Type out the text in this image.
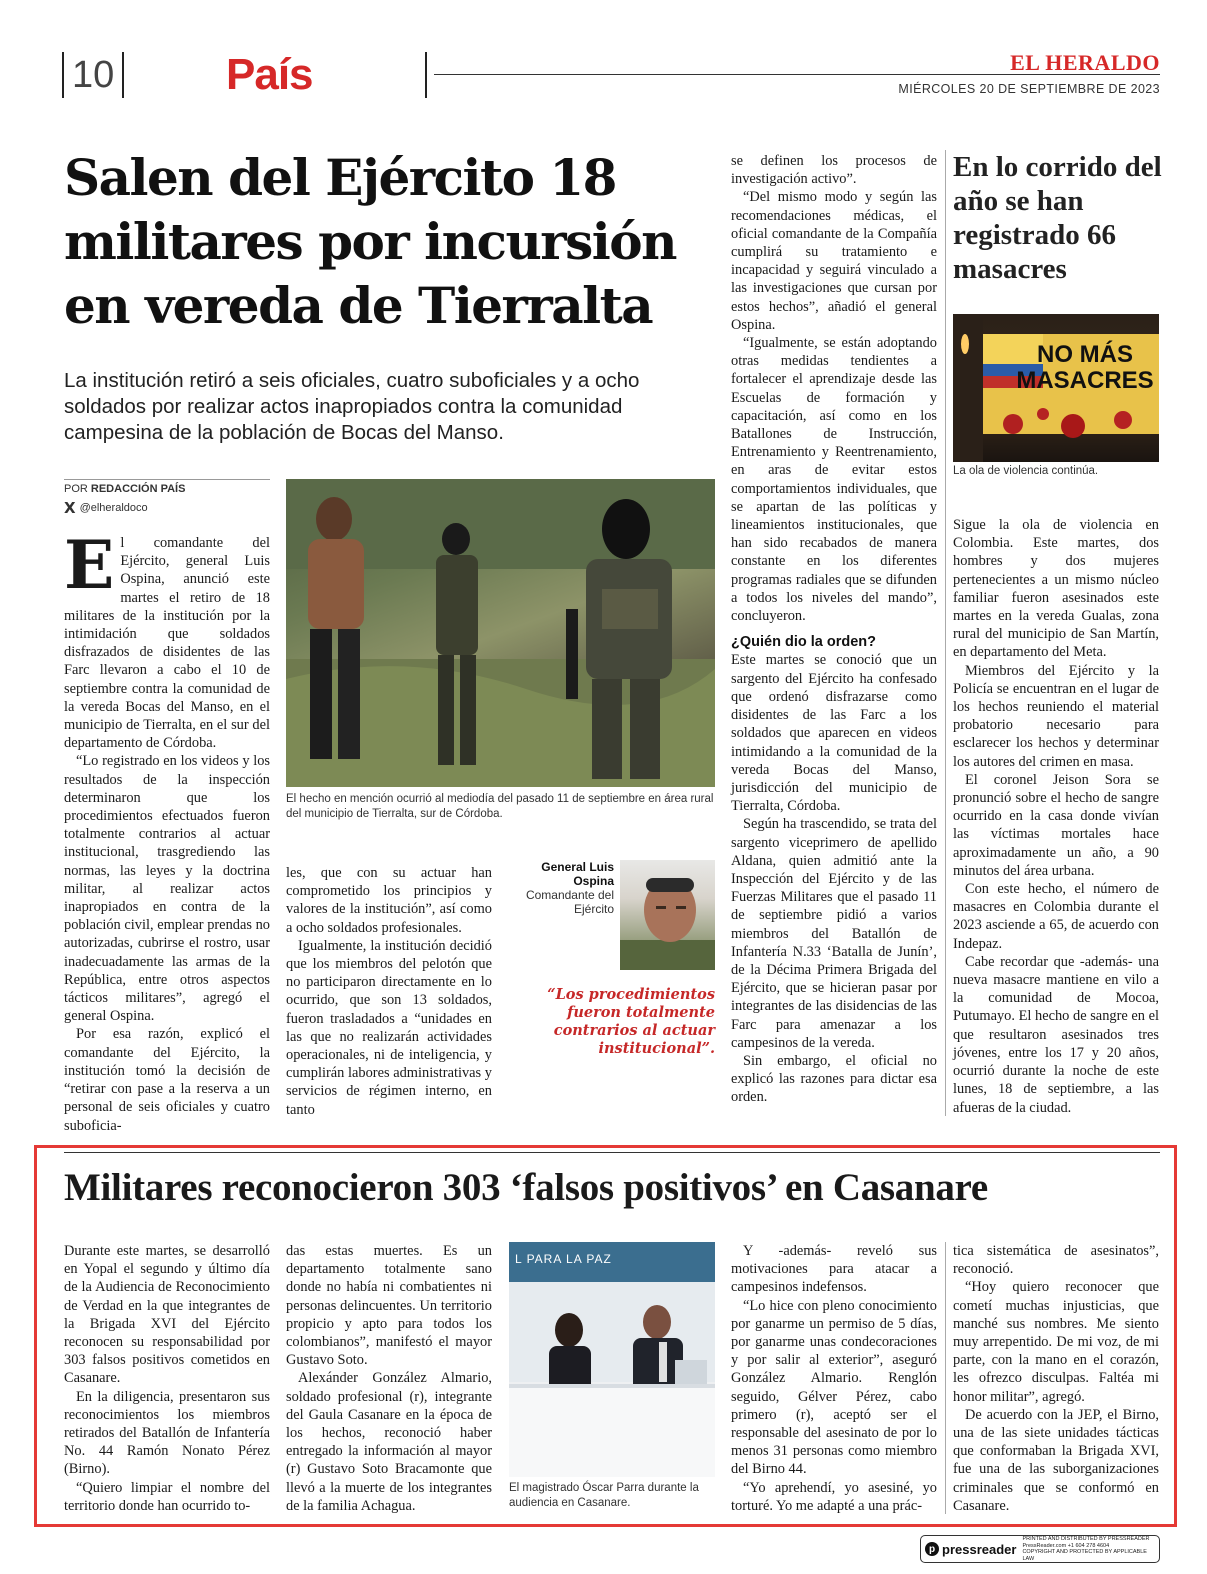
10	País	EL HERALDO
MIÉRCOLES 20 DE SEPTIEMBRE DE 2023
Salen del Ejército 18 militares por incursión en vereda de Tierralta

La institución retiró a seis oficiales, cuatro suboficiales y a ocho soldados por realizar actos inapropiados contra la comunidad campesina de la población de Bocas del Manso.

POR REDACCIÓN PAÍS
X @elheraldoco
E l comandante del Ejército, general Luis Ospina, anunció este martes el retiro de 18 militares de la institución por la intimidación que soldados disfrazados de disidentes de las Farc llevaron a cabo el 10 de septiembre contra la comunidad de la vereda Bocas del Manso, en el municipio de Tierralta, en el sur del departamento de Córdoba.

“Lo registrado en los videos y los resultados de la inspección determinaron que los procedimientos efectuados fueron totalmente contrarios al actuar institucional, trasgrediendo las normas, las leyes y la doctrina militar, al realizar actos inapropiados en contra de la población civil, emplear prendas no autorizadas, cubrirse el rostro, usar inadecuadamente las armas de la República, entre otros aspectos tácticos militares”, agregó el general Ospina.

Por esa razón, explicó el comandante del Ejército, la institución tomó la decisión de “retirar con pase a la reserva a un personal de seis oficiales y cuatro suboficia-

El hecho en mención ocurrió al mediodía del pasado 11 de septiembre en área rural del municipio de Tierralta, sur de Córdoba.

les, que con su actuar han comprometido los principios y valores de la institución”, así como a ocho soldados profesionales.

Igualmente, la institución decidió que los miembros del pelotón que no participaron directamente en lo ocurrido, que son 13 soldados, fueron trasladados a “unidades en las que no realizarán actividades operacionales, ni de inteligencia, y cumplirán labores administrativas y servicios de régimen interno, en tanto

General Luis Ospina
Comandante del Ejército
“Los procedimientos fueron totalmente contrarios al actuar institucional”.

se definen los procesos de investigación activo”.

“Del mismo modo y según las recomendaciones médicas, el oficial comandante de la Compañía cumplirá su tratamiento e incapacidad y seguirá vinculado a las investigaciones que cursan por estos hechos”, añadió el general Ospina.

“Igualmente, se están adoptando otras medidas tendientes a fortalecer el aprendizaje desde las Escuelas de formación y capacitación, así como en los Batallones de Instrucción, Entrenamiento y Reentrenamiento, en aras de evitar estos comportamientos individuales, que se apartan de las políticas y lineamientos institucionales, que han sido recabados de manera constante en los diferentes programas radiales que se difunden a todos los niveles del mando”, concluyeron.

¿Quién dio la orden?

Este martes se conoció que un sargento del Ejército ha confesado que ordenó disfrazarse como disidentes de las Farc a los soldados que aparecen en videos intimidando a la comunidad de la vereda Bocas del Manso, jurisdicción del municipio de Tierralta, Córdoba.

Según ha trascendido, se trata del sargento viceprimero de apellido Aldana, quien admitió ante la Inspección del Ejército y de las Fuerzas Militares que el pasado 11 de septiembre pidió a varios miembros del Batallón de Infantería N.33 ‘Batalla de Junín’, de la Décima Primera Brigada del Ejército, que se hicieran pasar por integrantes de las disidencias de las Farc para amenazar a los campesinos de la vereda.

Sin embargo, el oficial no explicó las razones para dictar esa orden.

En lo corrido del año se han registrado 66 masacres
NO MÁS
MASACRES
La ola de violencia continúa.

Sigue la ola de violencia en Colombia. Este martes, dos hombres y dos mujeres pertenecientes a un mismo núcleo familiar fueron asesinados este martes en la vereda Gualas, zona rural del municipio de San Martín, en departamento del Meta.

Miembros del Ejército y la Policía se encuentran en el lugar de los hechos reuniendo el material probatorio necesario para esclarecer los hechos y determinar los autores del crimen en masa.

El coronel Jeison Sora se pronunció sobre el hecho de sangre ocurrido en la casa donde vivían las víctimas mortales hace aproximadamente un año, a 90 minutos del área urbana.

Con este hecho, el número de masacres en Colombia durante el 2023 asciende a 65, de acuerdo con Indepaz.

Cabe recordar que -además- una nueva masacre mantiene en vilo a la comunidad de Mocoa, Putumayo. El hecho de sangre en el que resultaron asesinados tres jóvenes, entre los 17 y 20 años, ocurrió durante la noche de este lunes, 18 de septiembre, a las afueras de la ciudad.

Militares reconocieron 303 ‘falsos positivos’ en Casanare

Durante este martes, se desarrolló en Yopal el segundo y último día de la Audiencia de Reconocimiento de Verdad en la que integrantes de la Brigada XVI del Ejército reconocen su responsabilidad por 303 falsos positivos cometidos en Casanare.

En la diligencia, presentaron sus reconocimientos los miembros retirados del Batallón de Infantería No. 44 Ramón Nonato Pérez (Birno).

“Quiero limpiar el nombre del territorio donde han ocurrido to-

das estas muertes. Es un departamento totalmente sano donde no había ni combatientes ni personas delincuentes. Un territorio propicio y apto para todos los colombianos”, manifestó el mayor Gustavo Soto.

Alexánder González Almario, soldado profesional (r), integrante del Gaula Casanare en la época de los hechos, reconoció haber entregado la información al mayor (r) Gustavo Soto Bracamonte que llevó a la muerte de los integrantes de la familia Achagua.

L PARA LA PAZ
El magistrado Óscar Parra durante la audiencia en Casanare.

Y -además- reveló sus motivaciones para atacar a campesinos indefensos.

“Lo hice con pleno conocimiento por ganarme un permiso de 5 días, por ganarme unas condecoraciones y por salir al exterior”, aseguró González Almario. Renglón seguido, Gélver Pérez, cabo primero (r), aceptó ser el responsable del asesinato de por lo menos 31 personas como miembro del Birno 44.

“Yo aprehendí, yo asesiné, yo torturé. Yo me adapté a una prác-

tica sistemática de asesinatos”, reconoció.

“Hoy quiero reconocer que cometí muchas injusticias, que manché sus nombres. Me siento muy arrepentido. De mi voz, de mi parte, con la mano en el corazón, les ofrezco disculpas. Faltéa mi honor militar”, agregó.

De acuerdo con la JEP, el Birno, una de las siete unidades tácticas que conformaban la Brigada XVI, fue una de las suborganizaciones criminales que se conformó en Casanare.

p pressreader
PRINTED AND DISTRIBUTED BY PRESSREADER
PressReader.com +1 604 278 4604
COPYRIGHT AND PROTECTED BY APPLICABLE LAW
